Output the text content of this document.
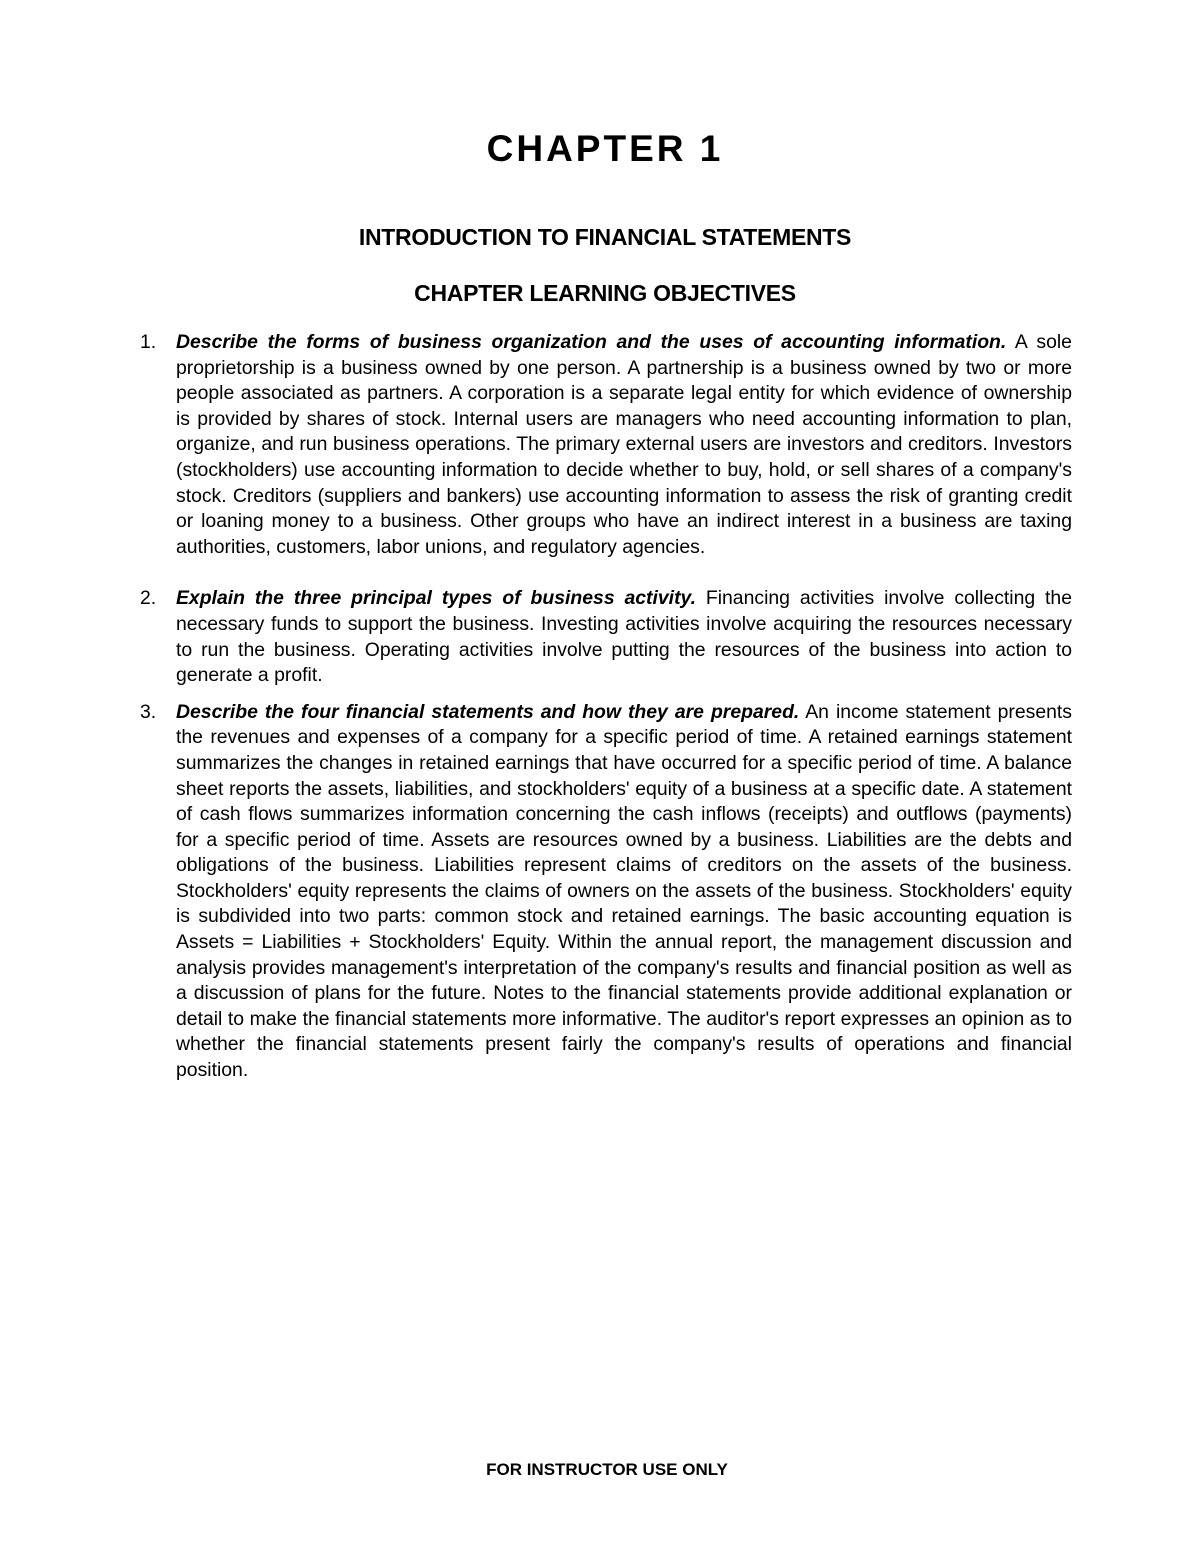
CHAPTER 1
INTRODUCTION TO FINANCIAL STATEMENTS
CHAPTER LEARNING OBJECTIVES
1. Describe the forms of business organization and the uses of accounting information. A sole proprietorship is a business owned by one person. A partnership is a business owned by two or more people associated as partners. A corporation is a separate legal entity for which evidence of ownership is provided by shares of stock. Internal users are managers who need accounting information to plan, organize, and run business operations. The primary external users are investors and creditors. Investors (stockholders) use accounting information to decide whether to buy, hold, or sell shares of a company's stock. Creditors (suppliers and bankers) use accounting information to assess the risk of granting credit or loaning money to a business. Other groups who have an indirect interest in a business are taxing authorities, customers, labor unions, and regulatory agencies.
2. Explain the three principal types of business activity. Financing activities involve collecting the necessary funds to support the business. Investing activities involve acquiring the resources necessary to run the business. Operating activities involve putting the resources of the business into action to generate a profit.
3. Describe the four financial statements and how they are prepared. An income statement presents the revenues and expenses of a company for a specific period of time. A retained earnings statement summarizes the changes in retained earnings that have occurred for a specific period of time. A balance sheet reports the assets, liabilities, and stockholders' equity of a business at a specific date. A statement of cash flows summarizes information concerning the cash inflows (receipts) and outflows (payments) for a specific period of time. Assets are resources owned by a business. Liabilities are the debts and obligations of the business. Liabilities represent claims of creditors on the assets of the business. Stockholders' equity represents the claims of owners on the assets of the business. Stockholders' equity is subdivided into two parts: common stock and retained earnings. The basic accounting equation is Assets = Liabilities + Stockholders' Equity. Within the annual report, the management discussion and analysis provides management's interpretation of the company's results and financial position as well as a discussion of plans for the future. Notes to the financial statements provide additional explanation or detail to make the financial statements more informative. The auditor's report expresses an opinion as to whether the financial statements present fairly the company's results of operations and financial position.
FOR INSTRUCTOR USE ONLY
